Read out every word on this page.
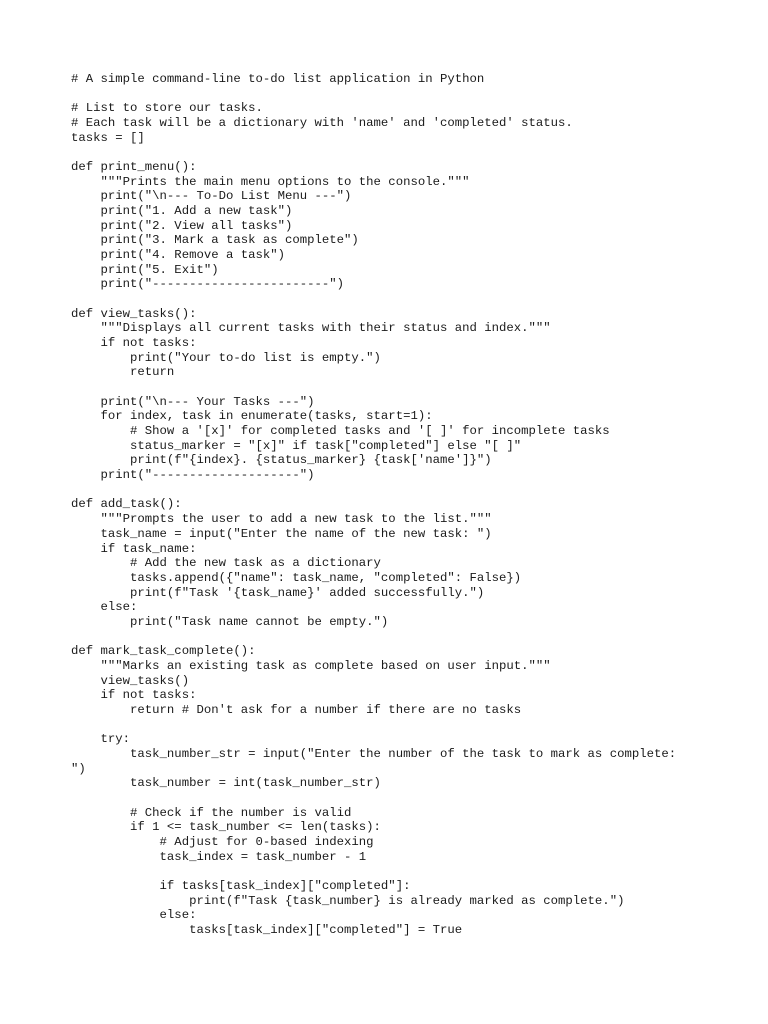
# A simple command-line to-do list application in Python
# List to store our tasks.
# Each task will be a dictionary with 'name' and 'completed' status.
tasks = []
def print_menu():
"""Prints the main menu options to the console."""
print("\n--- To-Do List Menu ---")
print("1. Add a new task")
print("2. View all tasks")
print("3. Mark a task as complete")
print("4. Remove a task")
print("5. Exit")
print("------------------------")
def view_tasks():
"""Displays all current tasks with their status and index."""
if not tasks:
print("Your to-do list is empty.")
return
print("\n--- Your Tasks ---")
for index, task in enumerate(tasks, start=1):
# Show a '[x]' for completed tasks and '[ ]' for incomplete tasks
status_marker = "[x]" if task["completed"] else "[ ]"
print(f"{index}. {status_marker} {task['name']}")
print("--------------------")
def add_task():
"""Prompts the user to add a new task to the list."""
task_name = input("Enter the name of the new task: ")
if task_name:
# Add the new task as a dictionary
tasks.append({"name": task_name, "completed": False})
print(f"Task '{task_name}' added successfully.")
else:
print("Task name cannot be empty.")
def mark_task_complete():
"""Marks an existing task as complete based on user input."""
view_tasks()
if not tasks:
return # Don't ask for a number if there are no tasks
try:
task_number_str = input("Enter the number of the task to mark as complete:
")
task_number = int(task_number_str)
# Check if the number is valid
if 1 <= task_number <= len(tasks):
# Adjust for 0-based indexing
task_index = task_number - 1
if tasks[task_index]["completed"]:
print(f"Task {task_number} is already marked as complete.")
else:
tasks[task_index]["completed"] = True
